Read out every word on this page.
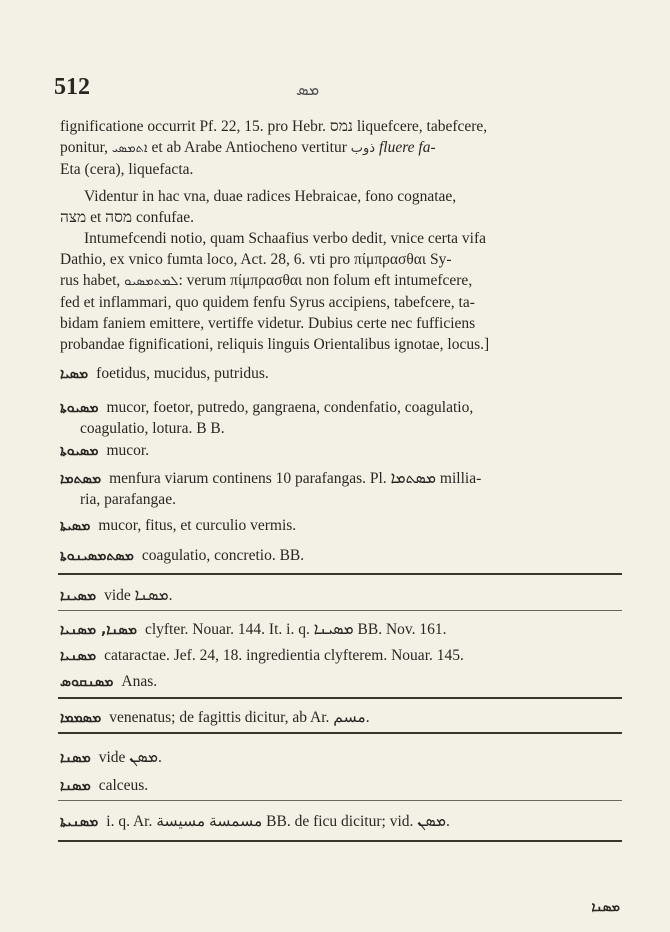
512	ܡܣ

fignificatione occurrit Pf. 22, 15. pro Hebr. נמס liquefcere, tabefcere,

ponitur, ܐܬܡܣܝ et ab Arabe Antiocheno vertitur ذوب fluere fa-

Eta (cera), liquefacta.

Videntur in hac vna, duae radices Hebraicae, fono cognatae,

מצה et מסה confufae.

Intumefcendi notio, quam Schaafius verbo dedit, vnice certa vifa

Dathio, ex vnico fumta loco, Act. 28, 6. vti pro πίμπρασθαι Sy-

rus habet, ܠܡܬܡܣܝܘ: verum πίμπρασθαι non folum eft intumefcere,

fed et inflammari, quo quidem fenfu Syrus accipiens, tabefcere, ta-

bidam faniem emittere, vertiffe videtur. Dubius certe nec fufficiens

probandae fignificationi, reliquis linguis Orientalibus ignotae, locus.]

ܡܣܝܐ foetidus, mucidus, putridus.
ܡܣܝܘܬܐ mucor, foetor, putredo, gangraena, condenfatio, coagulatio,
coagulatio, lotura. B B.
ܡܣܝܘܬܐ mucor.
ܡܣܬܡܐ menfura viarum continens 10 parafangas. Pl. ܡܣܬܡܐ millia-
ria, parafangae.
ܡܣܝܬܐ mucor, fitus, et curculio vermis.
ܡܣܬܡܣܝܢܘܬܐ coagulatio, concretio. BB.
ܡܣܝܢܐ vide ܡܣܢܐ.
ܡܣܢܐ, ܡܣܢܝܐ clyfter. Nouar. 144. It. i. q. ܡܣܝܢܐ BB. Nov. 161.
ܡܣܢܝܐ cataractae. Jef. 24, 18. ingredientia clyfterem. Nouar. 145.
ܡܣܢܩܘܣ Anas.
ܡܣܡܡܐ venenatus; de fagittis dicitur, ab Ar. مسم.
ܡܣܢܐ vide ܡܣܢ.
ܡܣܢܐ calceus.
ܡܣܢܝܬܐ i. q. Ar. مسمسة مسيسة BB. de ficu dicitur; vid. ܡܣܢ.
ܡܣܢܐ
